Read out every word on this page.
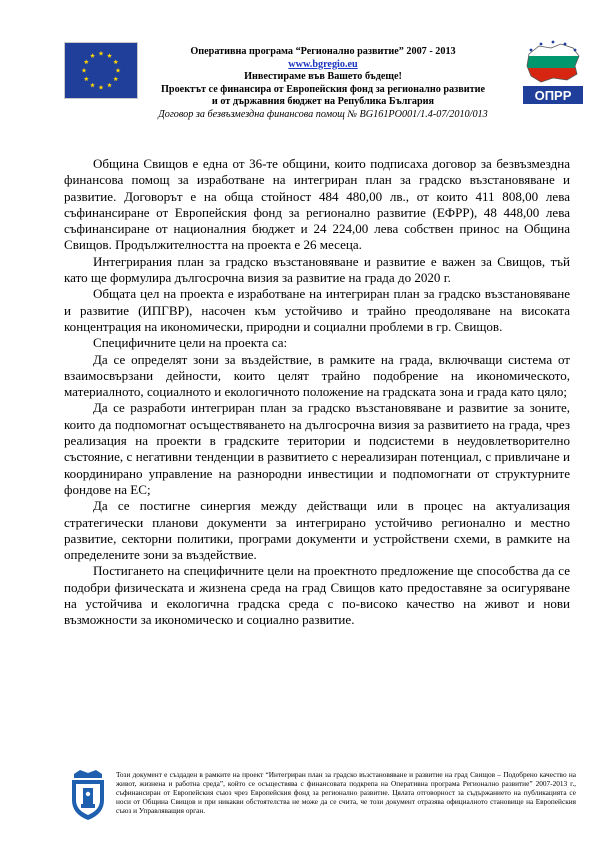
Оперативна програма “Регионално развитие” 2007 - 2013
www.bgregio.eu
Инвестираме във Вашето бъдеще!
Проектът се финансира от Европейския фонд за регионално развитие
и от държавния бюджет на Република България
Договор за безвъзмездна финансова помощ № BG161PO001/1.4-07/2010/013
ОПРР

Община Свищов е една от 36-те общини, които подписаха договор за безвъзмездна финансова помощ за изработване на интегриран план за градско възстановяване и развитие. Договорът е на обща стойност 484 480,00 лв., от които 411 808,00 лева съфинансиране от Европейския фонд за регионално развитие (ЕФРР), 48 448,00 лева съфинансиране от националния бюджет и 24 224,00 лева собствен принос на Община Свищов. Продължителността на проекта е 26 месеца.

Интегрирания план за градско възстановяване и развитие е важен за Свищов, тъй като ще формулира дългосрочна визия за развитие на града до 2020 г.

Общата цел на проекта е изработване на интегриран план за градско възстановяване и развитие (ИПГВР), насочен към устойчиво и трайно преодоляване на високата концентрация на икономически, природни и социални проблеми в гр. Свищов.

Специфичните цели на проекта са:

Да се определят зони за въздействие, в рамките на града, включващи система от взаимосвързани дейности, които целят трайно подобрение на икономическото, материалното, социалното и екологичното положение на градската зона и града като цяло;

Да се разработи интегриран план за градско възстановяване и развитие за зоните, които да подпомогнат осъществяването на дългосрочна визия за развитието на града, чрез реализация на проекти в градските територии и подсистеми в неудовлетворително състояние, с негативни тенденции в развитието с нереализиран потенциал, с привличане и координирано управление на разнородни инвестиции и подпомогнати от структурните фондове на ЕС;

Да се постигне синергия между действащи или в процес на актуализация стратегически планови документи за интегрирано устойчиво регионално и местно развитие, секторни политики, програми документи и устройствени схеми, в рамките на определените зони за въздействие.

Постигането на специфичните цели на проектното предложение ще способства да се подобри физическата и жизнена среда на град Свищов като предоставяне за осигуряване на устойчива и екологична градска среда с по-високо качество на живот и нови възможности за икономическо и социално развитие.

Този документ е създаден в рамките на проект “Интегриран план за градско възстановяване и развитие на град Свищов – Подобрено качество на живот, жизнена и работна среда”, който се осъществява с финансовата подкрепа на Оперативна програма Регионално развитие” 2007-2013 г., съфинансиран от Европейския съюз чрез Европейския фонд за регионално развитие. Цялата отговорност за съдържанието на публикацията се носи от Община Свищов и при никакви обстоятелства не може да се счита, че този документ отразява официалното становище на Европейския съюз и Управляващия орган.
